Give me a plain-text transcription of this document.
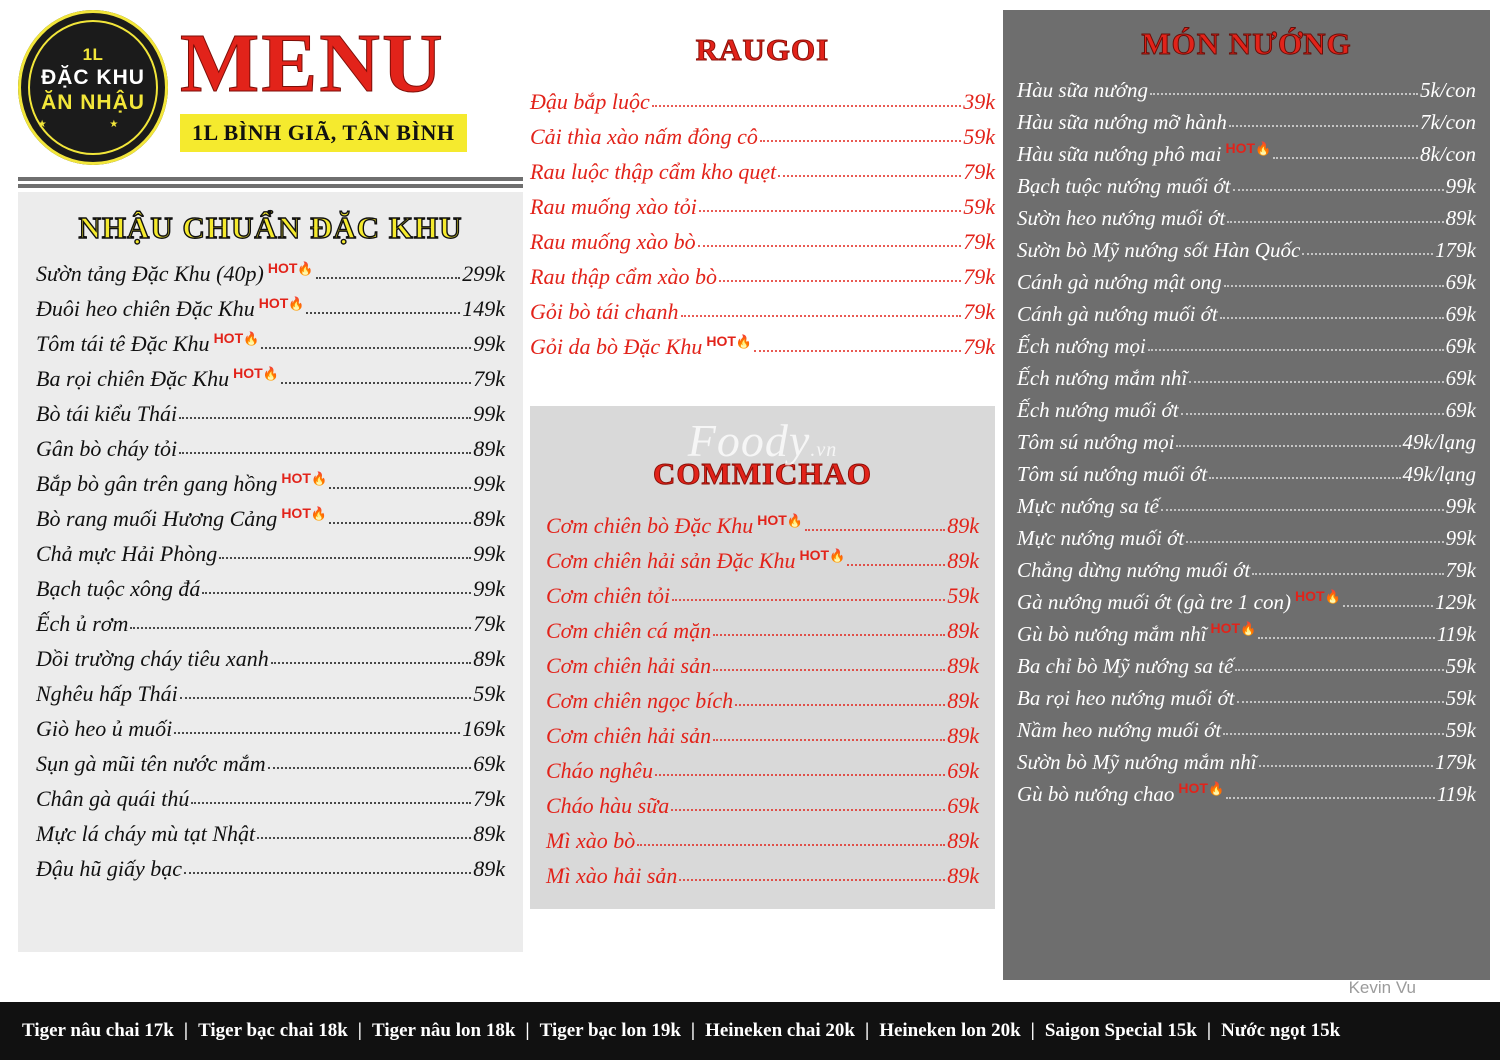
1L
ĐẶC KHU
ĂN NHẬU
★ ★
MENU
1L BÌNH GIÃ, TÂN BÌNH
NHẬU CHUẨN ĐẶC KHU
Sườn tảng Đặc Khu (40p) HOT🔥	299k
Đuôi heo chiên Đặc Khu HOT🔥	149k
Tôm tái tê Đặc Khu HOT🔥	99k
Ba rọi chiên Đặc Khu HOT🔥	79k
Bò tái kiểu Thái	99k
Gân bò cháy tỏi	89k
Bắp bò gân trên gang hồng HOT🔥	99k
Bò rang muối Hương Cảng HOT🔥	89k
Chả mực Hải Phòng	99k
Bạch tuộc xông đá	99k
Ếch ủ rơm	79k
Dồi trường cháy tiêu xanh	89k
Nghêu hấp Thái	59k
Giò heo ủ muối	169k
Sụn gà mũi tên nước mắm	69k
Chân gà quái thú	79k
Mực lá cháy mù tạt Nhật	89k
Đậu hũ giấy bạc	89k
RAUGOI
Đậu bắp luộc	39k
Cải thìa xào nấm đông cô	59k
Rau luộc thập cẩm kho quẹt	79k
Rau muống xào tỏi	59k
Rau muống xào bò	79k
Rau thập cẩm xào bò	79k
Gỏi bò tái chanh	79k
Gỏi da bò Đặc Khu HOT🔥	79k
Foody.vn
COMMICHAO
Cơm chiên bò Đặc Khu HOT🔥	89k
Cơm chiên hải sản Đặc Khu HOT🔥	89k
Cơm chiên tỏi	59k
Cơm chiên cá mặn	89k
Cơm chiên hải sản	89k
Cơm chiên ngọc bích	89k
Cơm chiên hải sản	89k
Cháo nghêu	69k
Cháo hàu sữa	69k
Mì xào bò	89k
Mì xào hải sản	89k
MÓN NƯỚNG
Hàu sữa nướng	5k/con
Hàu sữa nướng mỡ hành	7k/con
Hàu sữa nướng phô mai HOT🔥	8k/con
Bạch tuộc nướng muối ớt	99k
Sườn heo nướng muối ớt	89k
Sườn bò Mỹ nướng sốt Hàn Quốc	179k
Cánh gà nướng mật ong	69k
Cánh gà nướng muối ớt	69k
Ếch nướng mọi	69k
Ếch nướng mắm nhĩ	69k
Ếch nướng muối ớt	69k
Tôm sú nướng mọi	49k/lạng
Tôm sú nướng muối ớt	49k/lạng
Mực nướng sa tế	99k
Mực nướng muối ớt	99k
Chẳng dừng nướng muối ớt	79k
Gà nướng muối ớt (gà tre 1 con) HOT🔥	129k
Gù bò nướng mắm nhĩ HOT🔥	119k
Ba chỉ bò Mỹ nướng sa tế	59k
Ba rọi heo nướng muối ớt	59k
Nầm heo nướng muối ớt	59k
Sườn bò Mỹ nướng mắm nhĩ	179k
Gù bò nướng chao HOT🔥	119k
Kevin Vu
Tiger nâu chai 17k | Tiger bạc chai 18k | Tiger nâu lon 18k | Tiger bạc lon 19k | Heineken chai 20k | Heineken lon 20k | Saigon Special 15k | Nước ngọt 15k
